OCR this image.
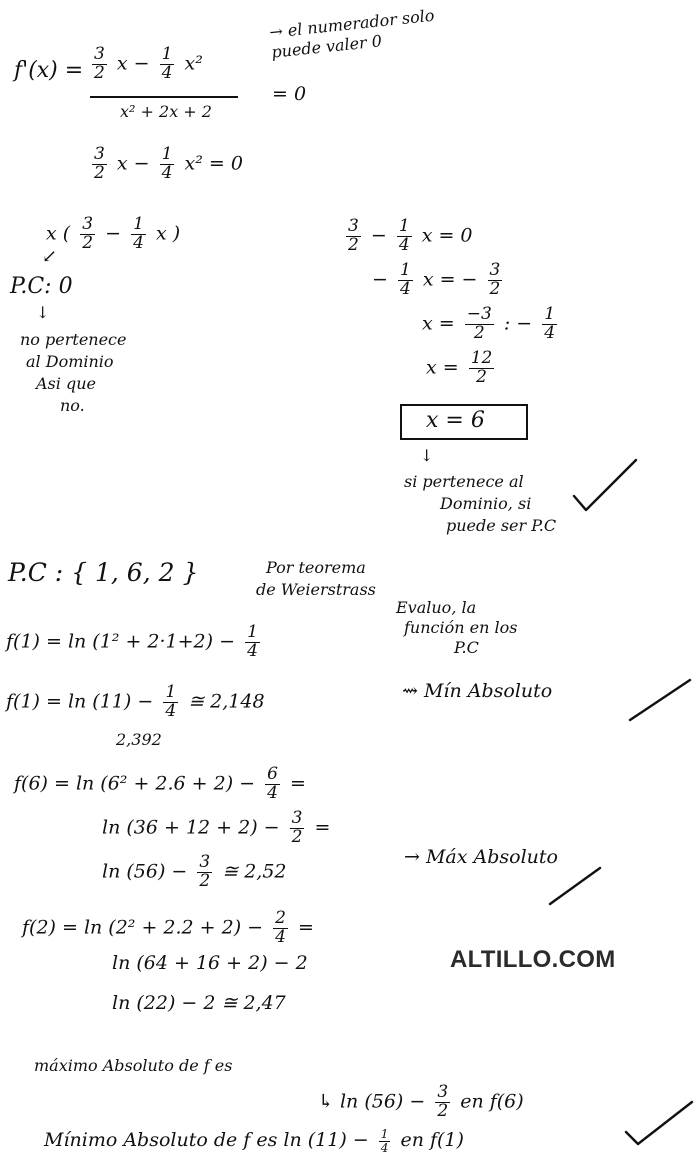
$f'(x) = \frac{3}{2}$ $x - \frac{1}{4} x^2$
x² + 2x + 2
= 0
→ el numerador solo puede valer 0
$\frac{3}{2}$ $x - \frac{1}{4} x^2 = 0$
x ( $\frac{3}{2} - \frac{1}{4}$ x )
↙
P.C: 0
↓
no pertenece
al Dominio
Asi que
no.
$\frac{3}{2} - \frac{1}{4}$ x = 0
− $\frac{1}{4}$ x = − $\frac{3}{2}$
$x = \frac{-3}{2}$ : − $\frac{1}{4}$
$x = \frac{12}{2}$
x = 6
↓
si pertenece al
Dominio, si
puede ser P.C
P.C : { 1, 6, 2 }	Por teorema
de Weierstrass
Evaluo, la
función en los
P.C
$f(1) = \ln (1^2 + 2\cdot 1+2) - \frac{1}{4}$
$f(1) = \ln (11) - \frac{1}{4}$ ≅ 2,148
2,392
⇝ Mín Absoluto
$f(6) = \ln (6^2 + 2.6 + 2) - \frac{6}{4}$ =
$\ln (36 + 12 + 2) - \frac{3}{2}$ =
$\ln (56) - \frac{3}{2}$ ≅ 2,52
→ Máx Absoluto
$f(2) = \ln (2^2 + 2.2 + 2) - \frac{2}{4}$ =
ln (64 + 16 + 2) − 2
ln (22) − 2 ≅ 2,47
ALTILLO.COM
máximo Absoluto de f es
↳ $\ln (56) - \frac{3}{2}$ en f(6)
Mínimo Absoluto de f es $\ln (11) - \frac{1}{4}$ en f(1)
